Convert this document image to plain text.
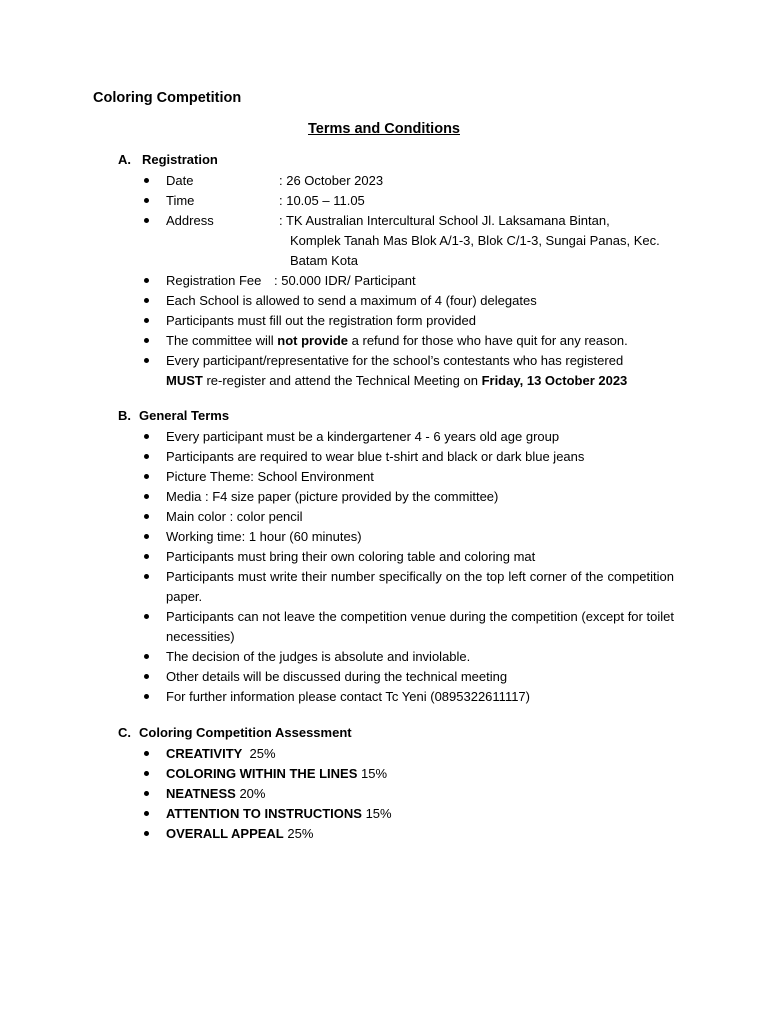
Coloring Competition
Terms and Conditions
A. Registration
Date	: 26 October 2023
Time	: 10.05 – 11.05
Address	: TK Australian Intercultural School Jl. Laksamana Bintan,
Komplek Tanah Mas Blok A/1-3, Blok C/1-3, Sungai Panas, Kec.
Batam Kota
Registration Fee : 50.000 IDR/ Participant
Each School is allowed to send a maximum of 4 (four) delegates
Participants must fill out the registration form provided
The committee will not provide a refund for those who have quit for any reason.
Every participant/representative for the school’s contestants who has registered
MUST re-register and attend the Technical Meeting on Friday, 13 October 2023
B. General Terms
Every participant must be a kindergartener 4 - 6 years old age group
Participants are required to wear blue t-shirt and black or dark blue jeans
Picture Theme: School Environment
Media : F4 size paper (picture provided by the committee)
Main color : color pencil
Working time: 1 hour (60 minutes)
Participants must bring their own coloring table and coloring mat
Participants must write their number specifically on the top left corner of the competition paper.
Participants can not leave the competition venue during the competition (except for toilet necessities)
The decision of the judges is absolute and inviolable.
Other details will be discussed during the technical meeting
For further information please contact Tc Yeni (0895322611117)
C. Coloring Competition Assessment
CREATIVITY  25%
COLORING WITHIN THE LINES 15%
NEATNESS 20%
ATTENTION TO INSTRUCTIONS 15%
OVERALL APPEAL 25%
